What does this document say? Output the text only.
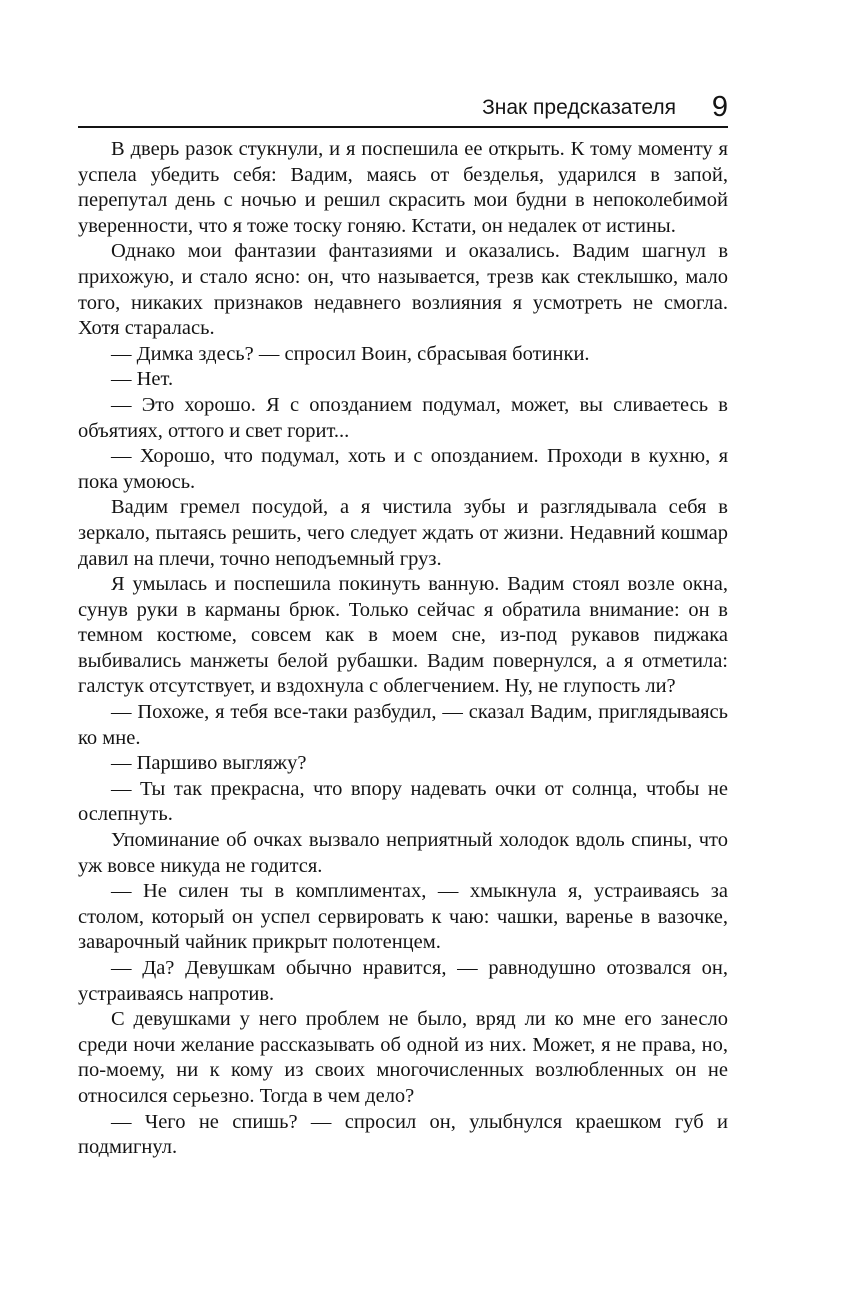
Знак предсказателя 9

В дверь разок стукнули, и я поспешила ее открыть. К тому моменту я успела убедить себя: Вадим, маясь от безделья, ударился в запой, перепутал день с ночью и решил скрасить мои будни в непоколебимой уверенности, что я тоже тоску гоняю. Кстати, он недалек от истины.

Однако мои фантазии фантазиями и оказались. Вадим шагнул в прихожую, и стало ясно: он, что называется, трезв как стеклышко, мало того, никаких признаков недавнего возлияния я усмотреть не смогла. Хотя старалась.

— Димка здесь? — спросил Воин, сбрасывая ботинки.

— Нет.

— Это хорошо. Я с опозданием подумал, может, вы сливаетесь в объятиях, оттого и свет горит...

— Хорошо, что подумал, хоть и с опозданием. Проходи в кухню, я пока умоюсь.

Вадим гремел посудой, а я чистила зубы и разглядывала себя в зеркало, пытаясь решить, чего следует ждать от жизни. Недавний кошмар давил на плечи, точно неподъемный груз.

Я умылась и поспешила покинуть ванную. Вадим стоял возле окна, сунув руки в карманы брюк. Только сейчас я обратила внимание: он в темном костюме, совсем как в моем сне, из-под рукавов пиджака выбивались манжеты белой рубашки. Вадим повернулся, а я отметила: галстук отсутствует, и вздохнула с облегчением. Ну, не глупость ли?

— Похоже, я тебя все-таки разбудил, — сказал Вадим, приглядываясь ко мне.

— Паршиво выгляжу?

— Ты так прекрасна, что впору надевать очки от солнца, чтобы не ослепнуть.

Упоминание об очках вызвало неприятный холодок вдоль спины, что уж вовсе никуда не годится.

— Не силен ты в комплиментах, — хмыкнула я, устраиваясь за столом, который он успел сервировать к чаю: чашки, варенье в вазочке, заварочный чайник прикрыт полотенцем.

— Да? Девушкам обычно нравится, — равнодушно отозвался он, устраиваясь напротив.

С девушками у него проблем не было, вряд ли ко мне его занесло среди ночи желание рассказывать об одной из них. Может, я не права, но, по-моему, ни к кому из своих многочисленных возлюбленных он не относился серьезно. Тогда в чем дело?

— Чего не спишь? — спросил он, улыбнулся краешком губ и подмигнул.
